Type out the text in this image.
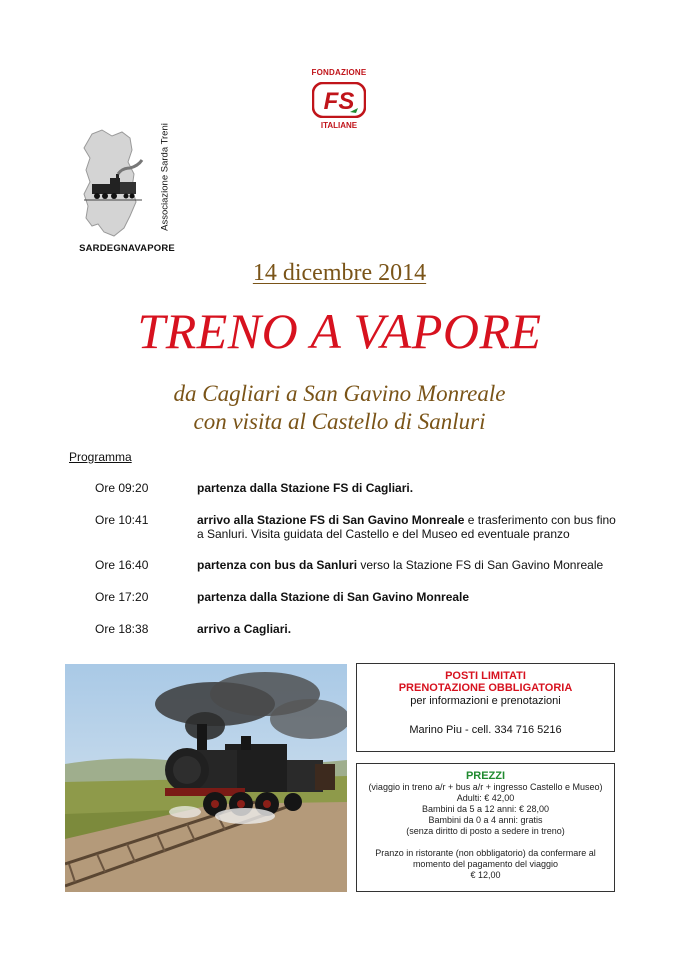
FONDAZIONE
FS
ITALIANE
Associazione Sarda Treni
SARDEGNAVAPORE
14 dicembre 2014
TRENO A VAPORE
da Cagliari a San Gavino Monreale
con visita al Castello di Sanluri
Programma
Ore 09:20	partenza dalla Stazione FS di Cagliari.
Ore 10:41	arrivo alla Stazione FS di San Gavino Monreale e trasferimento con bus fino a Sanluri. Visita guidata del Castello e del Museo ed eventuale pranzo
Ore 16:40	partenza con bus da Sanluri verso la Stazione FS di San Gavino Monreale
Ore 17:20	partenza dalla Stazione di San Gavino Monreale
Ore 18:38	arrivo a Cagliari.
POSTI LIMITATI
PRENOTAZIONE OBBLIGATORIA
per informazioni e prenotazioni
Marino Piu - cell. 334 716 5216
PREZZI
(viaggio in treno a/r + bus a/r + ingresso Castello e Museo)
Adulti: € 42,00
Bambini da 5 a 12 anni: € 28,00
Bambini da 0 a 4 anni: gratis
(senza diritto di posto a sedere in treno)
Pranzo in ristorante (non obbligatorio) da confermare al
momento del pagamento del viaggio
€ 12,00
